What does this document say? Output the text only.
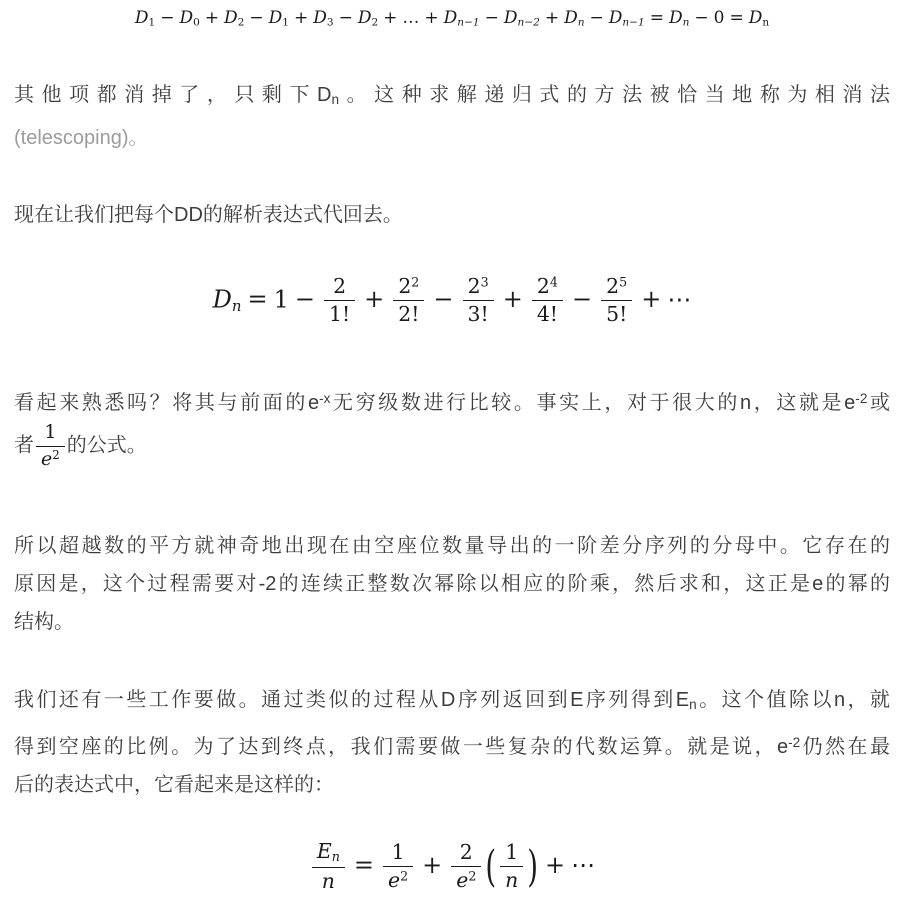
D1 − D0 + D2 − D1 + D3 − D2 + … + Dn−1 − Dn−2 + Dn − Dn−1 = Dn − 0 = Dn
其他项都消掉了，只剩下Dn。这种求解递归式的方法被恰当地称为相消法
(telescoping)。
现在让我们把每个DD的解析表达式代回去。
$Dn = 1 - \frac{2}{1!} + \frac{2^2}{2!} - \frac{2^3}{3!} + \frac{2^4}{4!} - \frac{2^5}{5!}$ + ⋯
看起来熟悉吗？将其与前面的$e^{-x}$无穷级数进行比较。事实上，对于很大的n，这就是$e^{-2}$或
者 $\frac{1}{e^2}$ 的公式。
所以超越数的平方就神奇地出现在由空座位数量导出的一阶差分序列的分母中。它存在的
原因是，这个过程需要对-2的连续正整数次幂除以相应的阶乘，然后求和，这正是e的幂的
结构。
我们还有一些工作要做。通过类似的过程从D序列返回到E序列得到En。这个值除以n，就
得到空座的比例。为了达到终点，我们需要做一些复杂的代数运算。就是说，$e^{-2}$仍然在最
后的表达式中，它看起来是这样的：
$\frac{En}{n} = \frac{1}{e^2} + \frac{2}{e^2}$ ( $\frac{1}{n}$ ) + ⋯
